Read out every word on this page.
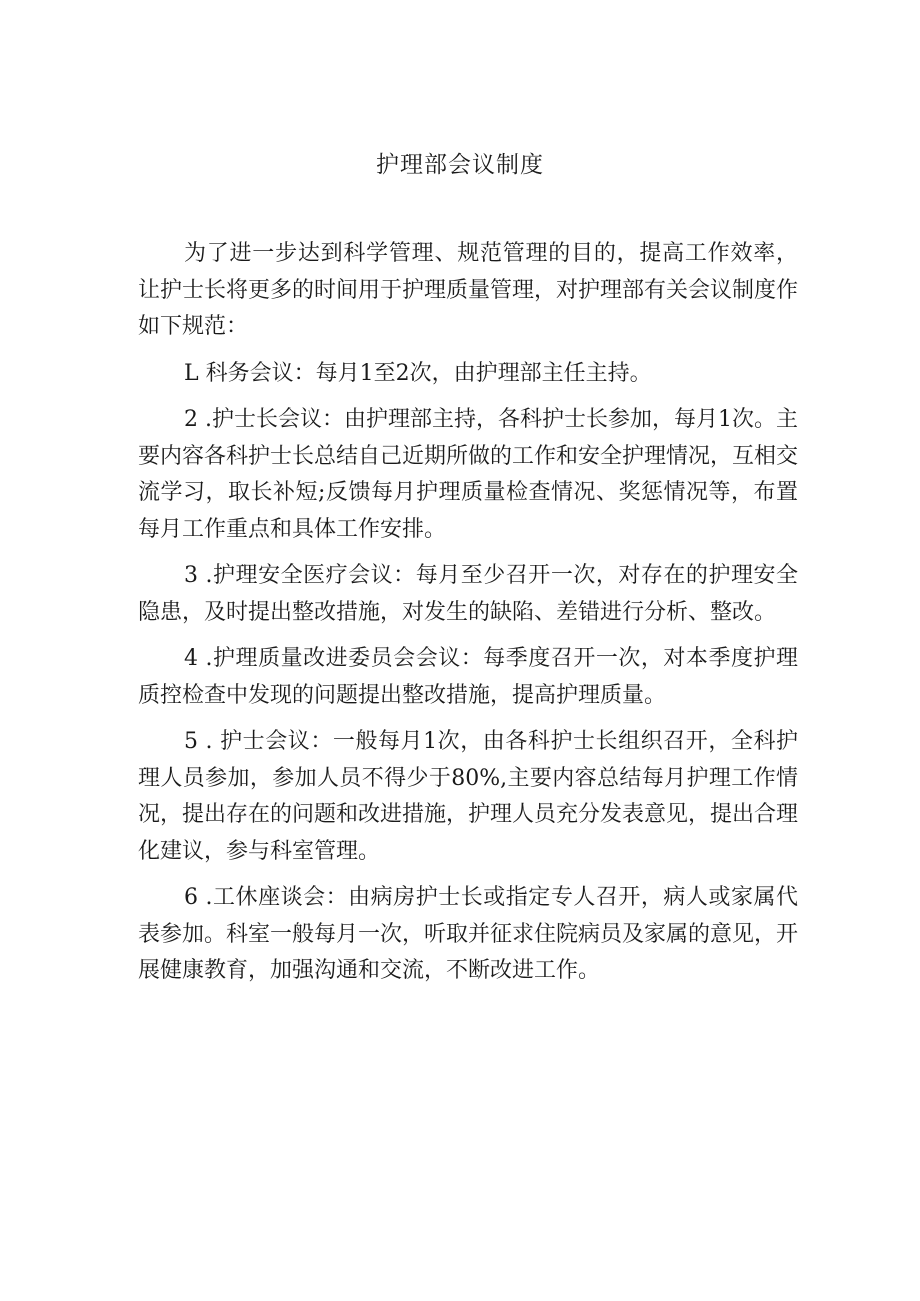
护理部会议制度

为了进一步达到科学管理、规范管理的目的，提高工作效率，让护士长将更多的时间用于护理质量管理，对护理部有关会议制度作如下规范：

L 科务会议：每月1至2次，由护理部主任主持。

2 .护士长会议：由护理部主持，各科护士长参加，每月1次。主要内容各科护士长总结自己近期所做的工作和安全护理情况，互相交流学习，取长补短;反馈每月护理质量检查情况、奖惩情况等，布置每月工作重点和具体工作安排。

3 .护理安全医疗会议：每月至少召开一次，对存在的护理安全隐患，及时提出整改措施，对发生的缺陷、差错进行分析、整改。

4 .护理质量改进委员会会议：每季度召开一次，对本季度护理质控检查中发现的问题提出整改措施，提高护理质量。

5 . 护士会议：一般每月1次，由各科护士长组织召开，全科护理人员参加，参加人员不得少于80%,主要内容总结每月护理工作情况，提出存在的问题和改进措施，护理人员充分发表意见，提出合理化建议，参与科室管理。

6 .工休座谈会：由病房护士长或指定专人召开，病人或家属代表参加。科室一般每月一次，听取并征求住院病员及家属的意见，开展健康教育，加强沟通和交流，不断改进工作。
